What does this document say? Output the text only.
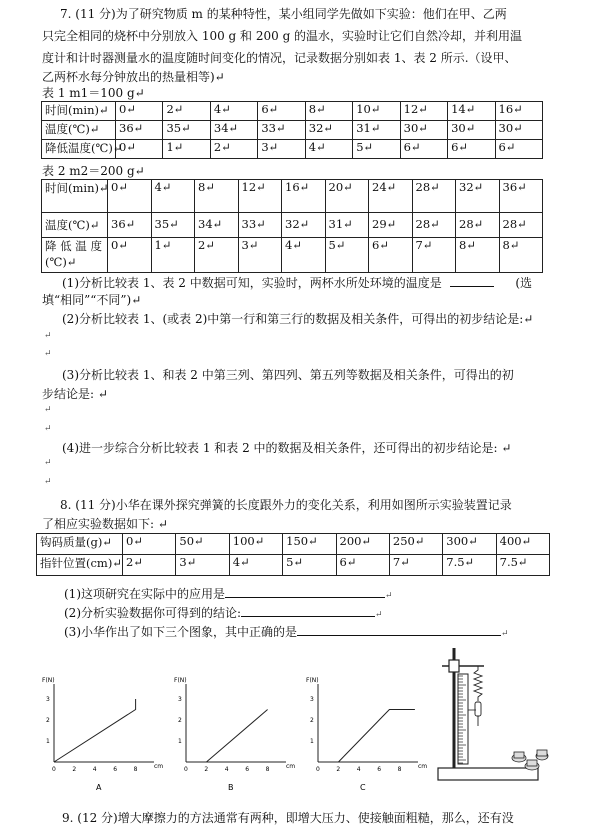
7. (11 分)为了研究物质 m 的某种特性，某小组同学先做如下实验：他们在甲、乙两
只完全相同的烧杯中分别放入 100 g 和 200 g 的温水，实验时让它们自然冷却，并利用温
度计和计时器测量水的温度随时间变化的情况，记录数据分别如表 1、表 2 所示.（设甲、
乙两杯水每分钟放出的热量相等)↵
表 1 m1＝100 g↵
时间(min)↵	0↵	2↵	4↵	6↵	8↵	10↵	12↵	14↵	16↵
温度(℃)↵	36↵	35↵	34↵	33↵	32↵	31↵	30↵	30↵	30↵
降低温度(℃)↵	0↵	1↵	2↵	3↵	4↵	5↵	6↵	6↵	6↵
表 2 m2＝200 g↵
时间(min)↵	0↵	4↵	8↵	12↵	16↵	20↵	24↵	28↵	32↵	36↵
温度(℃)↵	36↵	35↵	34↵	33↵	32↵	31↵	29↵	28↵	28↵	28↵
降 低 温 度 (℃)↵	0↵	1↵	2↵	3↵	4↵	5↵	6↵	7↵	8↵	8↵
(1)分析比较表 1、表 2 中数据可知，实验时，两杯水所处环境的温度是	(选
填“相同”“不同”)↵
(2)分析比较表 1、(或表 2)中第一行和第三行的数据及相关条件，可得出的初步结论是:↵
↵
↵
(3)分析比较表 1、和表 2 中第三列、第四列、第五列等数据及相关条件，可得出的初
步结论是: ↵
↵
↵
(4)进一步综合分析比较表 1 和表 2 中的数据及相关条件，还可得出的初步结论是: ↵
↵
↵
8. (11 分)小华在课外探究弹簧的长度跟外力的变化关系，利用如图所示实验装置记录
了相应实验数据如下: ↵
钩码质量(g)↵	0↵	50↵	100↵	150↵	200↵	250↵	300↵	400↵
指针位置(cm)↵	2↵	3↵	4↵	5↵	6↵	7↵	7.5↵	7.5↵
(1)这项研究在实际中的应用是	↵
(2)分析实验数据你可得到的结论:	↵
(3)小华作出了如下三个图象，其中正确的是	↵
F(N)
cm
0	2	4	6	8
1
2
3
A
F(N)
cm
0	2	4	6	8
1
2
3
B
F(N)
cm
0	2	4	6	8
1
2
3
C
9. (12 分)增大摩擦力的方法通常有两种，即增大压力、使接触面粗糙，那么，还有没
